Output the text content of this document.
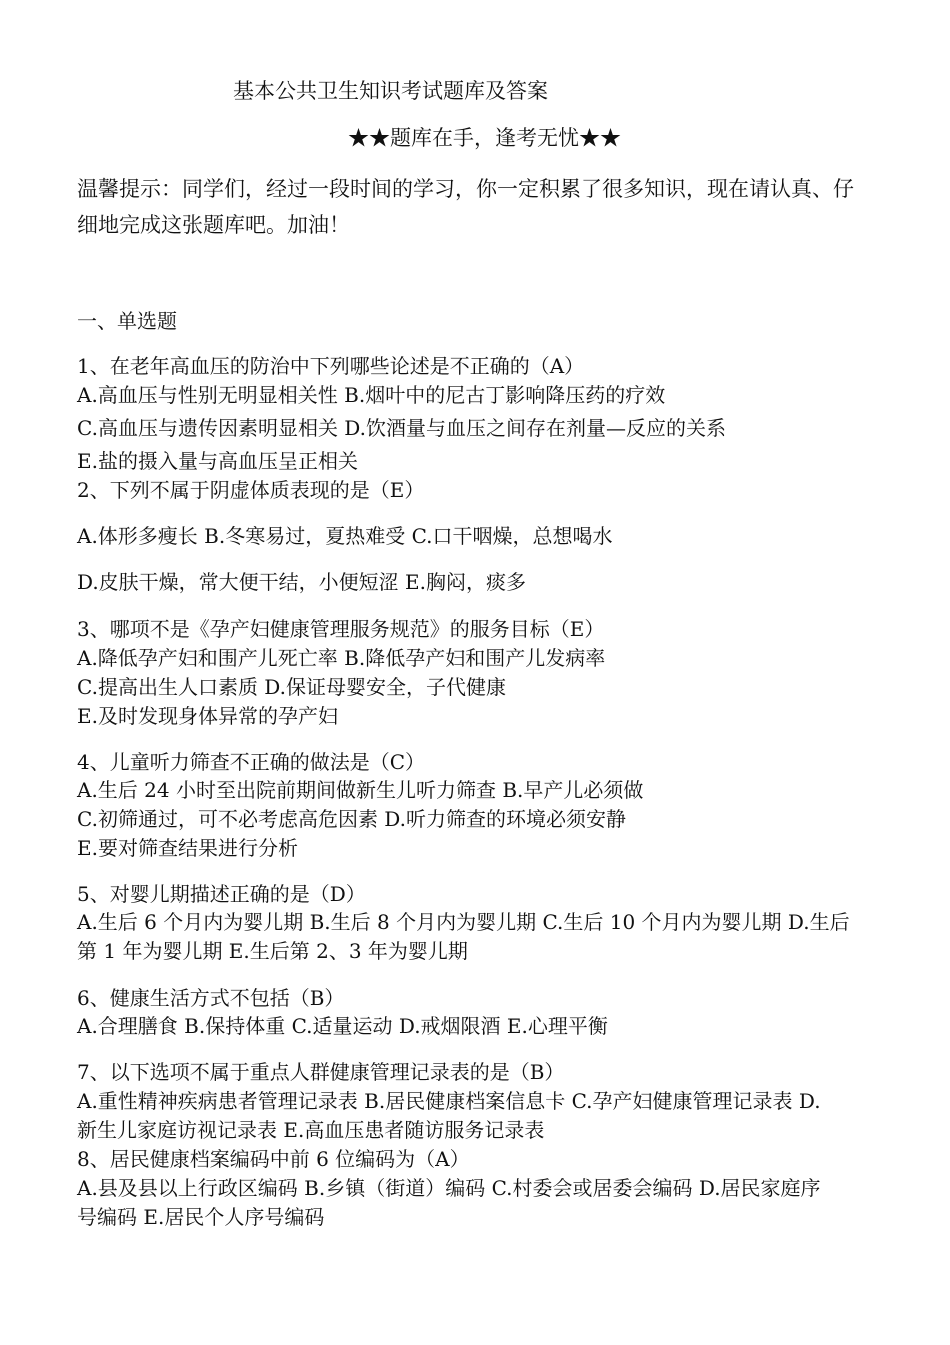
基本公共卫生知识考试题库及答案
★★题库在手，逢考无忧★★
温馨提示：同学们，经过一段时间的学习，你一定积累了很多知识，现在请认真、仔
细地完成这张题库吧。加油！
一、单选题
1、在老年高血压的防治中下列哪些论述是不正确的（A）
A.高血压与性别无明显相关性 B.烟叶中的尼古丁影响降压药的疗效
C.高血压与遗传因素明显相关 D.饮酒量与血压之间存在剂量—反应的关系
E.盐的摄入量与高血压呈正相关
2、下列不属于阴虚体质表现的是（E）
A.体形多瘦长 B.冬寒易过，夏热难受 C.口干咽燥，总想喝水
D.皮肤干燥，常大便干结，小便短涩 E.胸闷，痰多
3、哪项不是《孕产妇健康管理服务规范》的服务目标（E）
A.降低孕产妇和围产儿死亡率 B.降低孕产妇和围产儿发病率
C.提高出生人口素质 D.保证母婴安全，子代健康
E.及时发现身体异常的孕产妇
4、儿童听力筛查不正确的做法是（C）
A.生后 24 小时至出院前期间做新生儿听力筛查 B.早产儿必须做
C.初筛通过，可不必考虑高危因素 D.听力筛查的环境必须安静
E.要对筛查结果进行分析
5、对婴儿期描述正确的是（D）
A.生后 6 个月内为婴儿期 B.生后 8 个月内为婴儿期 C.生后 10 个月内为婴儿期 D.生后
第 1 年为婴儿期 E.生后第 2、3 年为婴儿期
6、健康生活方式不包括（B）
A.合理膳食 B.保持体重 C.适量运动 D.戒烟限酒 E.心理平衡
7、以下选项不属于重点人群健康管理记录表的是（B）
A.重性精神疾病患者管理记录表 B.居民健康档案信息卡 C.孕产妇健康管理记录表 D.
新生儿家庭访视记录表 E.高血压患者随访服务记录表
8、居民健康档案编码中前 6 位编码为（A）
A.县及县以上行政区编码 B.乡镇（街道）编码 C.村委会或居委会编码 D.居民家庭序
号编码 E.居民个人序号编码
